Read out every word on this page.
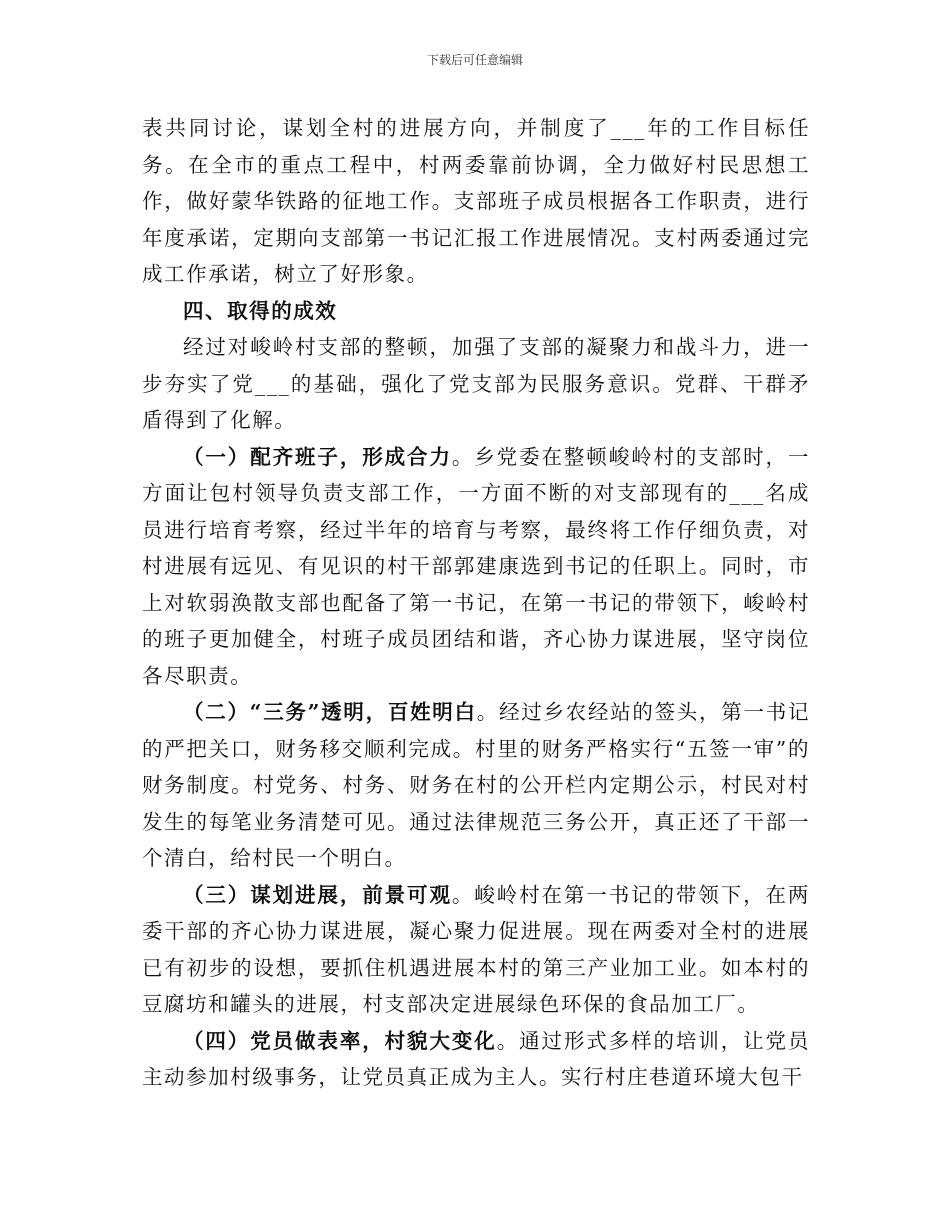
下载后可任意编辑

表共同讨论，谋划全村的进展方向，并制度了___年的工作目标任务。在全市的重点工程中，村两委靠前协调，全力做好村民思想工作，做好蒙华铁路的征地工作。支部班子成员根据各工作职责，进行年度承诺，定期向支部第一书记汇报工作进展情况。支村两委通过完成工作承诺，树立了好形象。

四、取得的成效

经过对峻岭村支部的整顿，加强了支部的凝聚力和战斗力，进一步夯实了党___的基础，强化了党支部为民服务意识。党群、干群矛盾得到了化解。

（一）配齐班子，形成合力。乡党委在整顿峻岭村的支部时，一方面让包村领导负责支部工作，一方面不断的对支部现有的___名成员进行培育考察，经过半年的培育与考察，最终将工作仔细负责，对村进展有远见、有见识的村干部郭建康选到书记的任职上。同时，市上对软弱涣散支部也配备了第一书记，在第一书记的带领下，峻岭村的班子更加健全，村班子成员团结和谐，齐心协力谋进展，坚守岗位各尽职责。

（二）“三务”透明，百姓明白。经过乡农经站的签头，第一书记的严把关口，财务移交顺利完成。村里的财务严格实行“五签一审”的财务制度。村党务、村务、财务在村的公开栏内定期公示，村民对村发生的每笔业务清楚可见。通过法律规范三务公开，真正还了干部一个清白，给村民一个明白。

（三）谋划进展，前景可观。峻岭村在第一书记的带领下，在两委干部的齐心协力谋进展，凝心聚力促进展。现在两委对全村的进展已有初步的设想，要抓住机遇进展本村的第三产业加工业。如本村的豆腐坊和罐头的进展，村支部决定进展绿色环保的食品加工厂。

（四）党员做表率，村貌大变化。通过形式多样的培训，让党员主动参加村级事务，让党员真正成为主人。实行村庄巷道环境大包干
